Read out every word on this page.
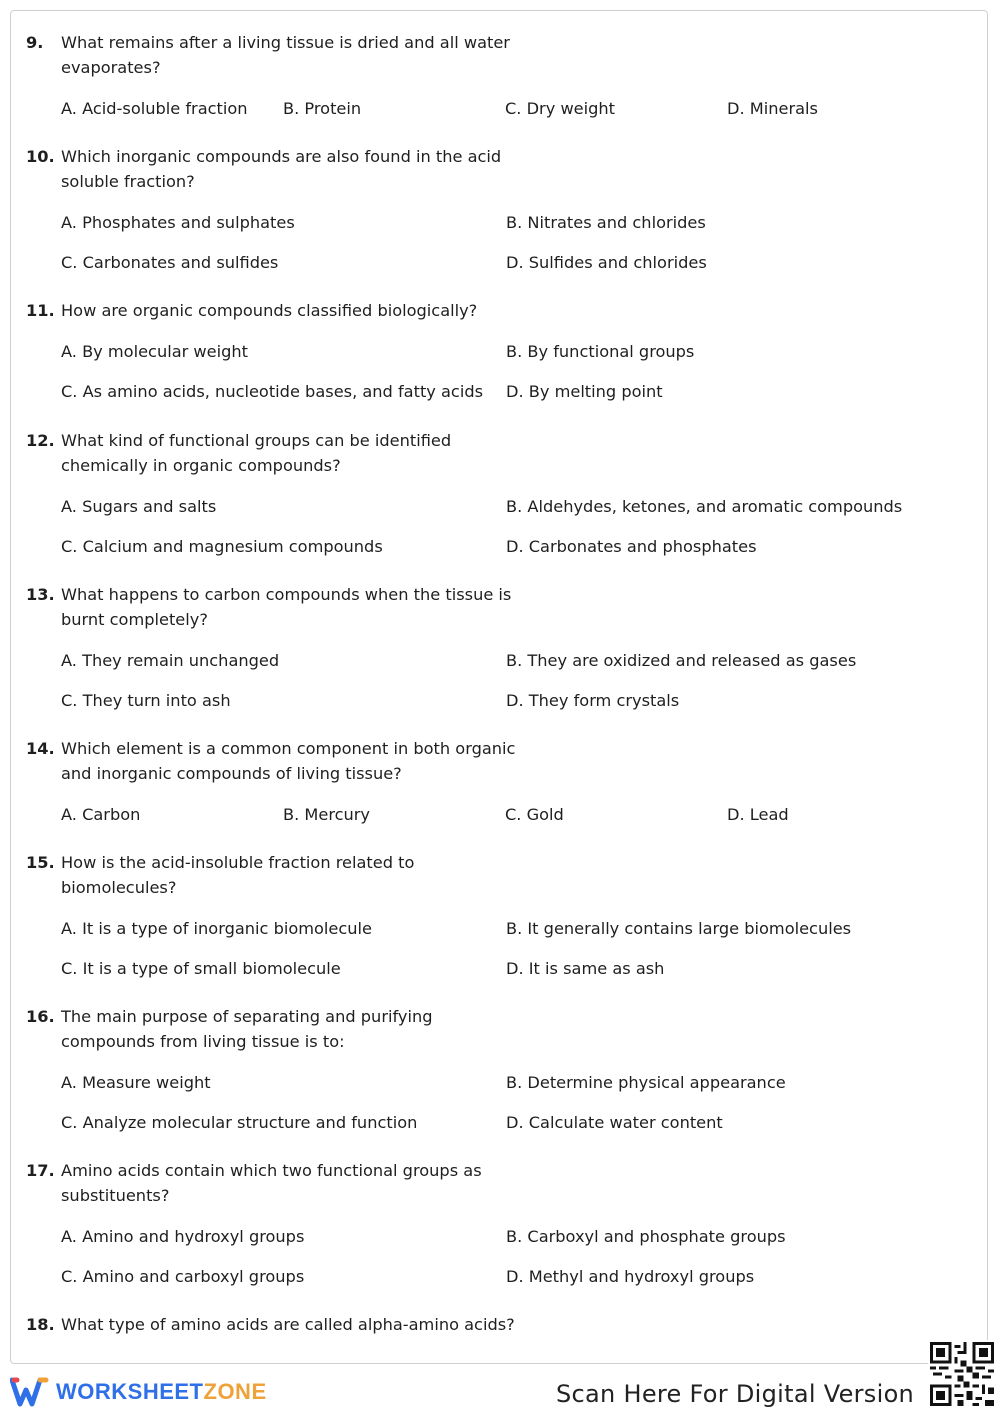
9.	What remains after a living tissue is dried and all water evaporates?
A. Acid-soluble fraction	B. Protein	C. Dry weight	D. Minerals
10. Which inorganic compounds are also found in the acid soluble fraction?
A. Phosphates and sulphates	B. Nitrates and chlorides
C. Carbonates and sulfides	D. Sulfides and chlorides
11. How are organic compounds classified biologically?
A. By molecular weight	B. By functional groups
C. As amino acids, nucleotide bases, and fatty acids	D. By melting point
12. What kind of functional groups can be identified chemically in organic compounds?
A. Sugars and salts	B. Aldehydes, ketones, and aromatic compounds
C. Calcium and magnesium compounds	D. Carbonates and phosphates
13. What happens to carbon compounds when the tissue is burnt completely?
A. They remain unchanged	B. They are oxidized and released as gases
C. They turn into ash	D. They form crystals
14. Which element is a common component in both organic and inorganic compounds of living tissue?
A. Carbon	B. Mercury	C. Gold	D. Lead
15. How is the acid-insoluble fraction related to biomolecules?
A. It is a type of inorganic biomolecule	B. It generally contains large biomolecules
C. It is a type of small biomolecule	D. It is same as ash
16. The main purpose of separating and purifying compounds from living tissue is to:
A. Measure weight	B. Determine physical appearance
C. Analyze molecular structure and function	D. Calculate water content
17. Amino acids contain which two functional groups as substituents?
A. Amino and hydroxyl groups	B. Carboxyl and phosphate groups
C. Amino and carboxyl groups	D. Methyl and hydroxyl groups
18. What type of amino acids are called alpha-amino acids?
WORKSHEETZONE	Scan Here For Digital Version
